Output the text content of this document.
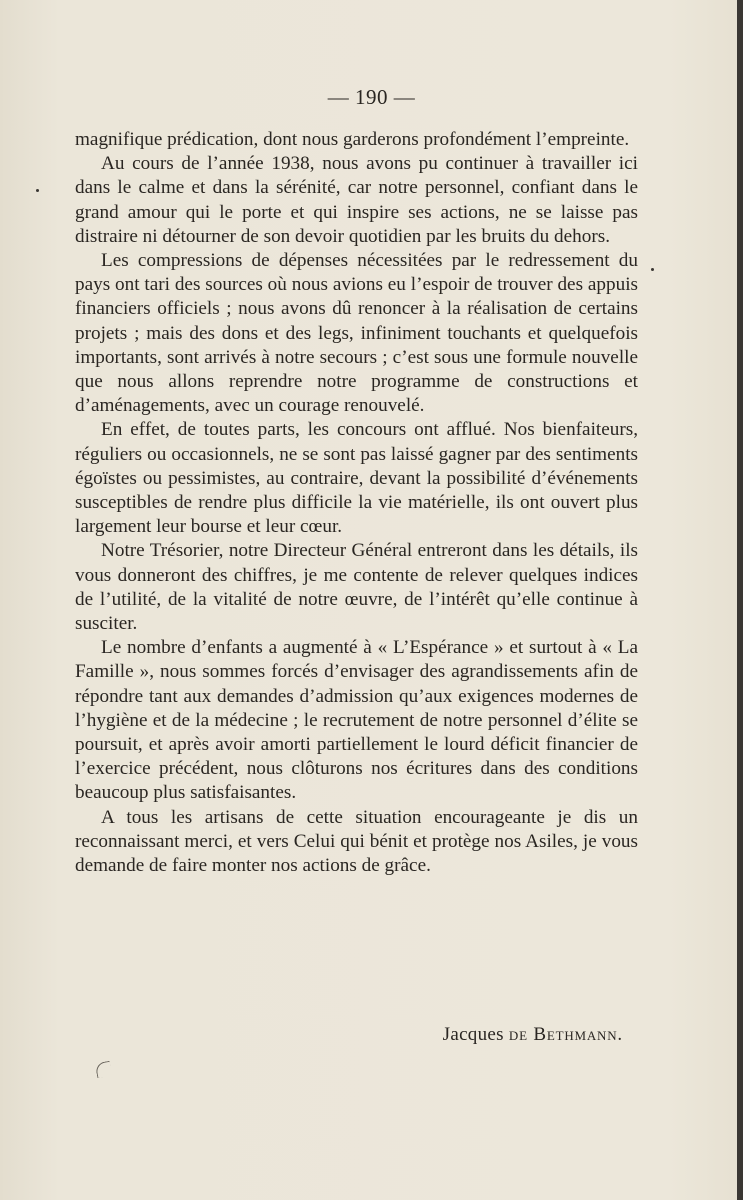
— 190 —

magnifique prédication, dont nous garderons profondément l’empreinte.

Au cours de l’année 1938, nous avons pu continuer à travailler ici dans le calme et dans la sérénité, car notre personnel, confiant dans le grand amour qui le porte et qui inspire ses actions, ne se laisse pas distraire ni détourner de son devoir quotidien par les bruits du dehors.

Les compressions de dépenses nécessitées par le redressement du pays ont tari des sources où nous avions eu l’espoir de trouver des appuis financiers officiels ; nous avons dû renoncer à la réalisation de certains projets ; mais des dons et des legs, infiniment touchants et quelquefois importants, sont arrivés à notre secours ; c’est sous une formule nouvelle que nous allons reprendre notre programme de constructions et d’aménagements, avec un courage renouvelé.

En effet, de toutes parts, les concours ont afflué. Nos bienfaiteurs, réguliers ou occasionnels, ne se sont pas laissé gagner par des sentiments égoïstes ou pessimistes, au contraire, devant la possibilité d’événements susceptibles de rendre plus difficile la vie matérielle, ils ont ouvert plus largement leur bourse et leur cœur.

Notre Trésorier, notre Directeur Général entreront dans les détails, ils vous donneront des chiffres, je me contente de relever quelques indices de l’utilité, de la vitalité de notre œuvre, de l’intérêt qu’elle continue à susciter.

Le nombre d’enfants a augmenté à « L’Espérance » et surtout à « La Famille », nous sommes forcés d’envisager des agrandissements afin de répondre tant aux demandes d’admission qu’aux exigences modernes de l’hygiène et de la médecine ; le recrutement de notre personnel d’élite se poursuit, et après avoir amorti partiellement le lourd déficit financier de l’exercice précédent, nous clôturons nos écritures dans des conditions beaucoup plus satisfaisantes.

A tous les artisans de cette situation encourageante je dis un reconnaissant merci, et vers Celui qui bénit et protège nos Asiles, je vous demande de faire monter nos actions de grâce.

Jacques de Bethmann.
